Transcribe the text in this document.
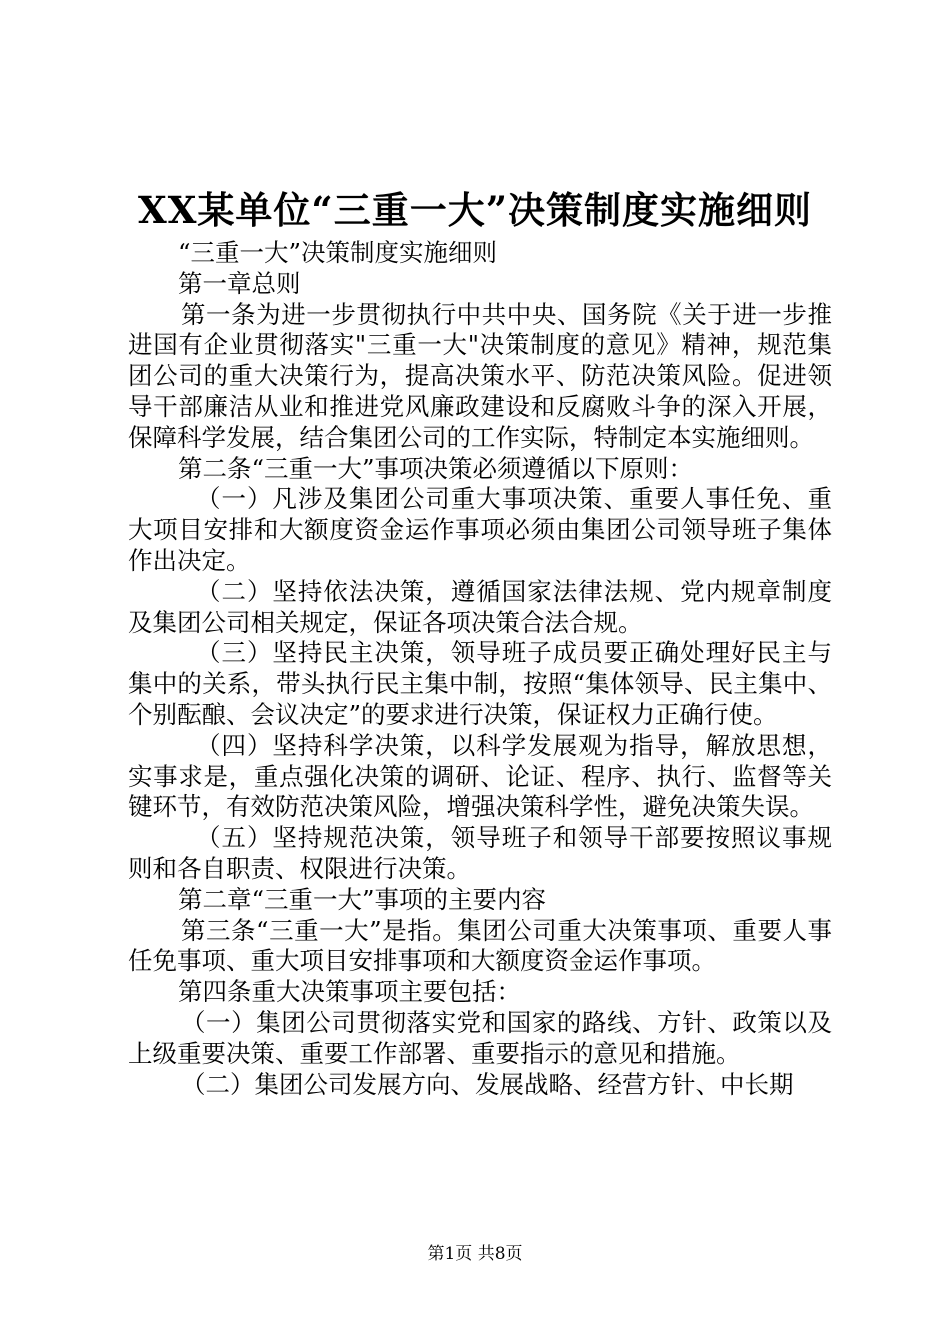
XX某单位“三重一大”决策制度实施细则

“三重一大”决策制度实施细则

第一章总则

第一条为进一步贯彻执行中共中央、国务院《关于进一步推进国有企业贯彻落实"三重一大"决策制度的意见》精神，规范集团公司的重大决策行为，提高决策水平、防范决策风险。促进领导干部廉洁从业和推进党风廉政建设和反腐败斗争的深入开展，保障科学发展，结合集团公司的工作实际，特制定本实施细则。

第二条“三重一大”事项决策必须遵循以下原则：

（一）凡涉及集团公司重大事项决策、重要人事任免、重大项目安排和大额度资金运作事项必须由集团公司领导班子集体作出决定。

（二）坚持依法决策，遵循国家法律法规、党内规章制度及集团公司相关规定，保证各项决策合法合规。

（三）坚持民主决策，领导班子成员要正确处理好民主与集中的关系，带头执行民主集中制，按照“集体领导、民主集中、个别酝酿、会议决定”的要求进行决策，保证权力正确行使。

（四）坚持科学决策，以科学发展观为指导，解放思想，实事求是，重点强化决策的调研、论证、程序、执行、监督等关键环节，有效防范决策风险，增强决策科学性，避免决策失误。

（五）坚持规范决策，领导班子和领导干部要按照议事规则和各自职责、权限进行决策。

第二章“三重一大”事项的主要内容

第三条“三重一大”是指。集团公司重大决策事项、重要人事任免事项、重大项目安排事项和大额度资金运作事项。

第四条重大决策事项主要包括：

（一）集团公司贯彻落实党和国家的路线、方针、政策以及上级重要决策、重要工作部署、重要指示的意见和措施。

（二）集团公司发展方向、发展战略、经营方针、中长期

第1页 共8页
